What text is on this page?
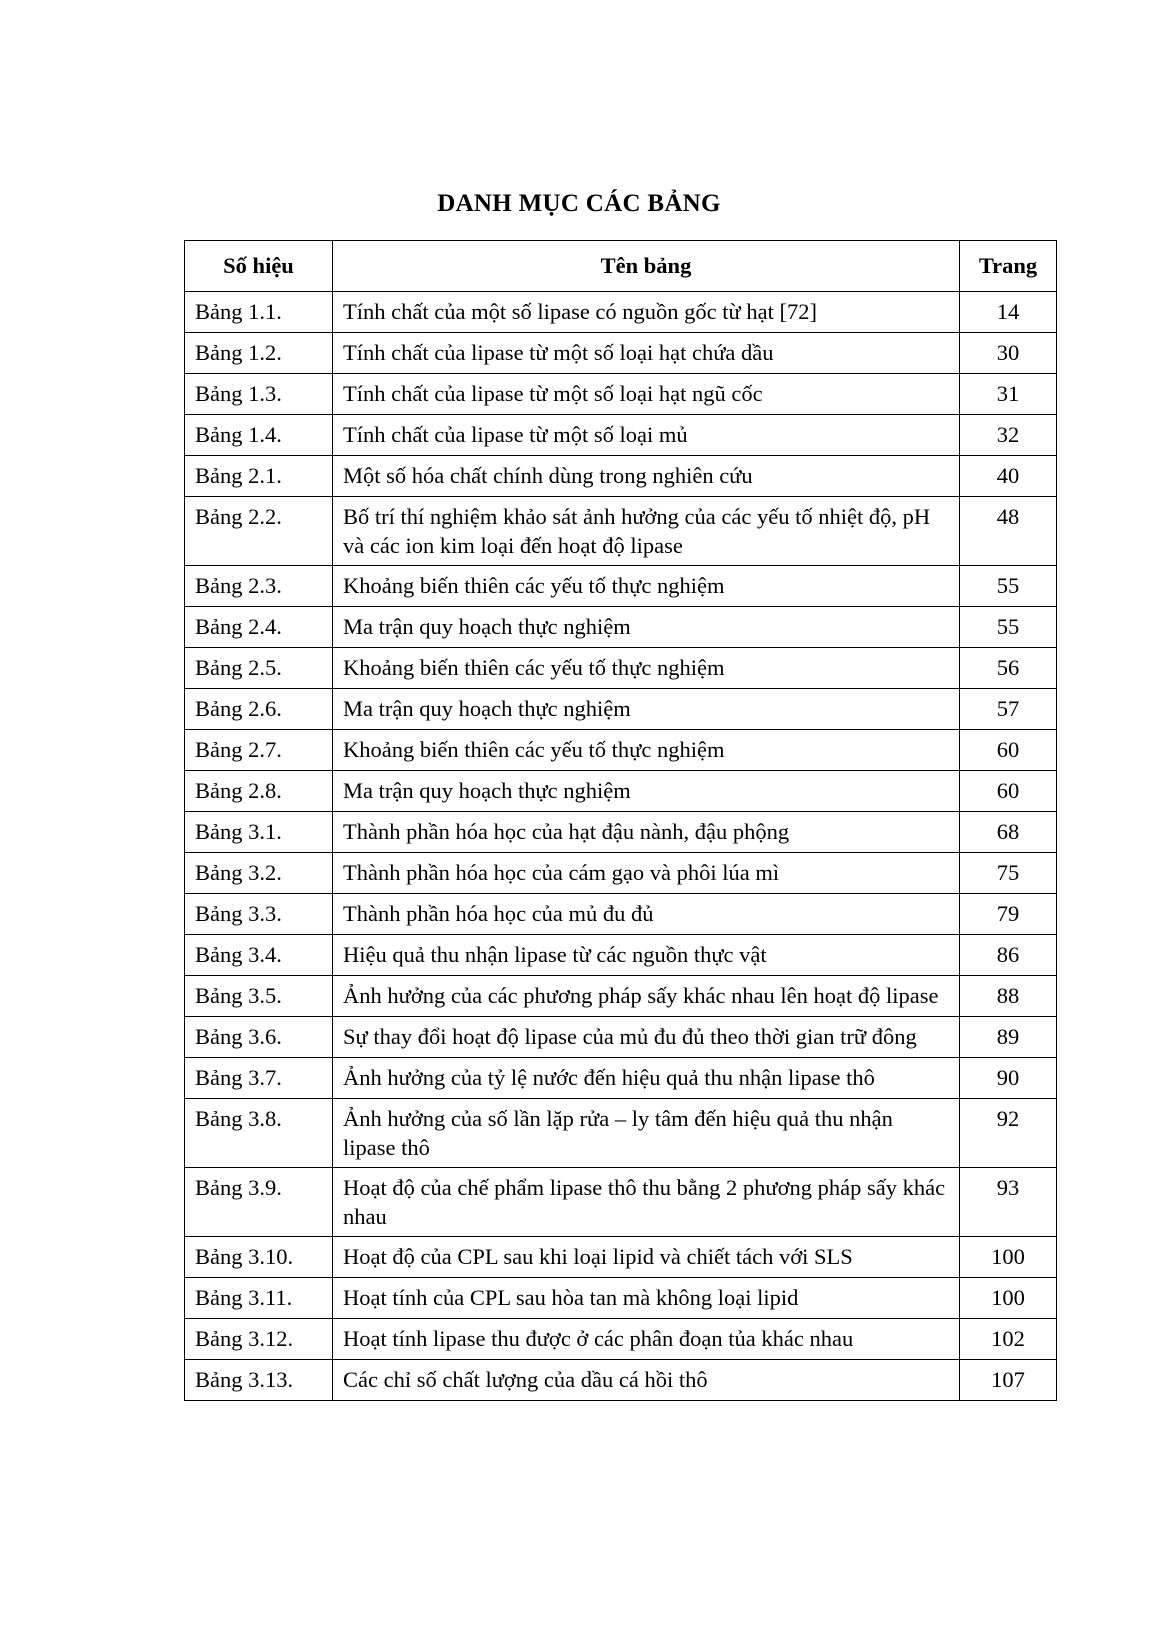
DANH MỤC CÁC BẢNG
Số hiệu	Tên bảng	Trang
Bảng 1.1.	Tính chất của một số lipase có nguồn gốc từ hạt [72]	14
Bảng 1.2.	Tính chất của lipase từ một số loại hạt chứa dầu	30
Bảng 1.3.	Tính chất của lipase từ một số loại hạt ngũ cốc	31
Bảng 1.4.	Tính chất của lipase từ một số loại mủ	32
Bảng 2.1.	Một số hóa chất chính dùng trong nghiên cứu	40
Bảng 2.2.	Bố trí thí nghiệm khảo sát ảnh hưởng của các yếu tố nhiệt độ, pH và các ion kim loại đến hoạt độ lipase	48
Bảng 2.3.	Khoảng biến thiên các yếu tố thực nghiệm	55
Bảng 2.4.	Ma trận quy hoạch thực nghiệm	55
Bảng 2.5.	Khoảng biến thiên các yếu tố thực nghiệm	56
Bảng 2.6.	Ma trận quy hoạch thực nghiệm	57
Bảng 2.7.	Khoảng biến thiên các yếu tố thực nghiệm	60
Bảng 2.8.	Ma trận quy hoạch thực nghiệm	60
Bảng 3.1.	Thành phần hóa học của hạt đậu nành, đậu phộng	68
Bảng 3.2.	Thành phần hóa học của cám gạo và phôi lúa mì	75
Bảng 3.3.	Thành phần hóa học của mủ đu đủ	79
Bảng 3.4.	Hiệu quả thu nhận lipase từ các nguồn thực vật	86
Bảng 3.5.	Ảnh hưởng của các phương pháp sấy khác nhau lên hoạt độ lipase	88
Bảng 3.6.	Sự thay đổi hoạt độ lipase của mủ đu đủ theo thời gian trữ đông	89
Bảng 3.7.	Ảnh hưởng của tỷ lệ nước đến hiệu quả thu nhận lipase thô	90
Bảng 3.8.	Ảnh hưởng của số lần lặp rửa – ly tâm đến hiệu quả thu nhận lipase thô	92
Bảng 3.9.	Hoạt độ của chế phẩm lipase thô thu bằng 2 phương pháp sấy khác nhau	93
Bảng 3.10.	Hoạt độ của CPL sau khi loại lipid và chiết tách với SLS	100
Bảng 3.11.	Hoạt tính của CPL sau hòa tan mà không loại lipid	100
Bảng 3.12.	Hoạt tính lipase thu được ở các phân đoạn tủa khác nhau	102
Bảng 3.13.	Các chỉ số chất lượng của dầu cá hồi thô	107
